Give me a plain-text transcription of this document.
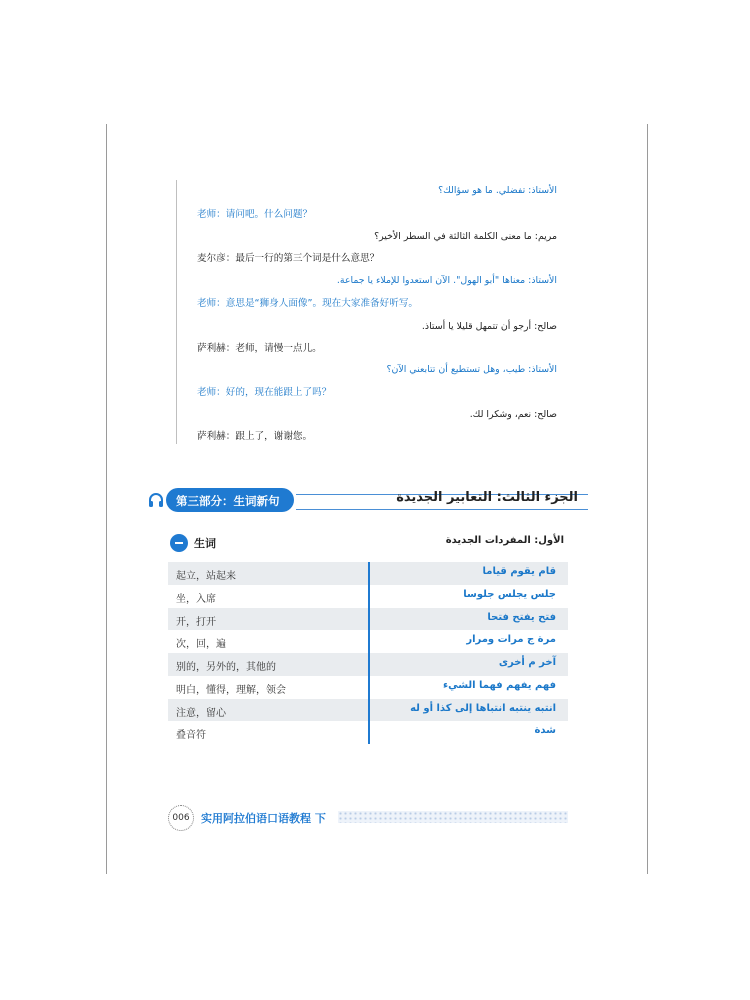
الأستاذ: تفضلي. ما هو سؤالك؟
老师：请问吧。什么问题？
مريم: ما معنى الكلمة الثالثة في السطر الأخير؟
麦尔彦：最后一行的第三个词是什么意思？
الأستاذ: معناها "أبو الهول". الآن استعدوا للإملاء يا جماعة.
老师：意思是“狮身人面像”。现在大家准备好听写。
صالح: أرجو أن تتمهل قليلا يا أستاذ.
萨利赫：老师，请慢一点儿。
الأستاذ: طيب، وهل تستطيع أن تتابعني الآن؟
老师：好的，现在能跟上了吗？
صالح: نعم، وشكرا لك.
萨利赫：跟上了，谢谢您。
第三部分：生词新句	الجزء الثالث: التعابير الجديدة
生词	الأول: المفردات الجديدة
叠音符	شدة
注意，留心	انتبه ينتبه انتباها إلى كذا أو له
明白，懂得，理解，领会	فهم يفهم فهما الشيء
别的，另外的，其他的	آخر م أخرى
次，回，遍	مرة ج مرات ومرار
开，打开	فتح يفتح فتحا
坐，入席	جلس يجلس جلوسا
起立，站起来	قام يقوم قياما
006	实用阿拉伯语口语教程 下
